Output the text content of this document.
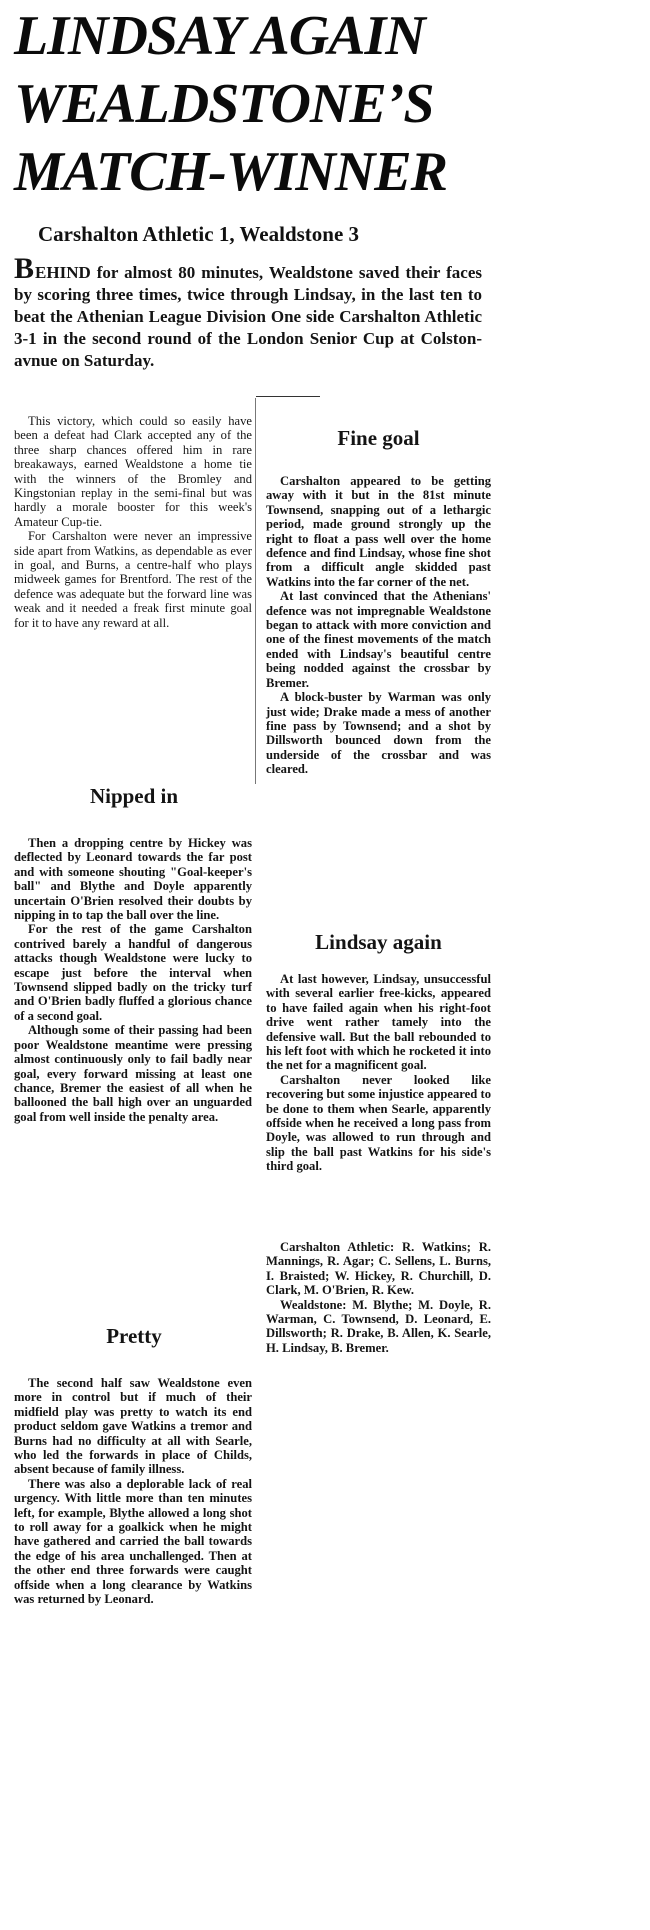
LINDSAY AGAIN
WEALDSTONE’S
MATCH-WINNER
Carshalton Athletic 1, Wealdstone 3

BEHIND for almost 80 minutes, Wealdstone saved their faces by scoring three times, twice through Lindsay, in the last ten to beat the Athenian League Division One side Carshalton Athletic 3-1 in the second round of the London Senior Cup at Colston-avnue on Saturday.

This victory, which could so easily have been a defeat had Clark accepted any of the three sharp chances offered him in rare breakaways, earned Wealdstone a home tie with the winners of the Bromley and Kingstonian replay in the semi-final but was hardly a morale booster for this week's Amateur Cup-tie.

For Carshalton were never an impressive side apart from Watkins, as dependable as ever in goal, and Burns, a centre-half who plays midweek games for Brentford. The rest of the defence was adequate but the forward line was weak and it needed a freak first minute goal for it to have any reward at all.

Nipped in

Then a dropping centre by Hickey was deflected by Leonard towards the far post and with someone shouting "Goal-keeper's ball" and Blythe and Doyle apparently uncertain O'Brien resolved their doubts by nipping in to tap the ball over the line.

For the rest of the game Carshalton contrived barely a handful of dangerous attacks though Wealdstone were lucky to escape just before the interval when Townsend slipped badly on the tricky turf and O'Brien badly fluffed a glorious chance of a second goal.

Although some of their passing had been poor Wealdstone meantime were pressing almost continuously only to fail badly near goal, every forward missing at least one chance, Bremer the easiest of all when he ballooned the ball high over an unguarded goal from well inside the penalty area.

Pretty

The second half saw Wealdstone even more in control but if much of their midfield play was pretty to watch its end product seldom gave Watkins a tremor and Burns had no difficulty at all with Searle, who led the forwards in place of Childs, absent because of family illness.

There was also a deplorable lack of real urgency. With little more than ten minutes left, for example, Blythe allowed a long shot to roll away for a goalkick when he might have gathered and carried the ball towards the edge of his area unchallenged. Then at the other end three forwards were caught offside when a long clearance by Watkins was returned by Leonard.

Fine goal

Carshalton appeared to be getting away with it but in the 81st minute Townsend, snapping out of a lethargic period, made ground strongly up the right to float a pass well over the home defence and find Lindsay, whose fine shot from a difficult angle skidded past Watkins into the far corner of the net.

At last convinced that the Athenians' defence was not impregnable Wealdstone began to attack with more conviction and one of the finest movements of the match ended with Lindsay's beautiful centre being nodded against the crossbar by Bremer.

A block-buster by Warman was only just wide; Drake made a mess of another fine pass by Townsend; and a shot by Dillsworth bounced down from the underside of the crossbar and was cleared.

Lindsay again

At last however, Lindsay, unsuccessful with several earlier free-kicks, appeared to have failed again when his right-foot drive went rather tamely into the defensive wall. But the ball rebounded to his left foot with which he rocketed it into the net for a magnificent goal.

Carshalton never looked like recovering but some injustice appeared to be done to them when Searle, apparently offside when he received a long pass from Doyle, was allowed to run through and slip the ball past Watkins for his side's third goal.

Carshalton Athletic: R. Watkins; R. Mannings, R. Agar; C. Sellens, L. Burns, I. Braisted; W. Hickey, R. Churchill, D. Clark, M. O'Brien, R. Kew.

Wealdstone: M. Blythe; M. Doyle, R. Warman, C. Townsend, D. Leonard, E. Dillsworth; R. Drake, B. Allen, K. Searle, H. Lindsay, B. Bremer.
